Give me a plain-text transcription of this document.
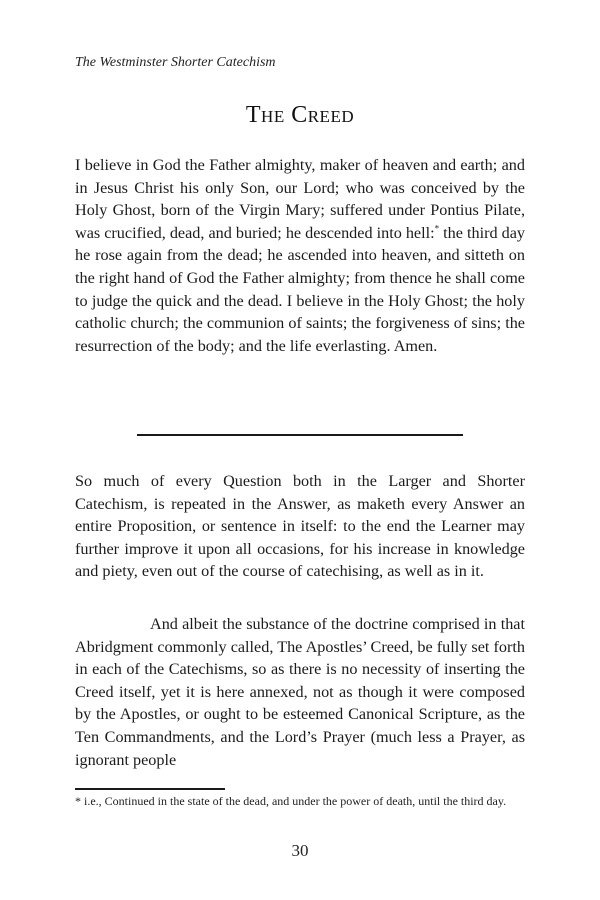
The Westminster Shorter Catechism
The Creed
I believe in God the Father almighty, maker of heaven and earth; and in Jesus Christ his only Son, our Lord; who was conceived by the Holy Ghost, born of the Virgin Mary; suffered under Pontius Pilate, was crucified, dead, and buried; he descended into hell:* the third day he rose again from the dead; he ascended into heaven, and sitteth on the right hand of God the Father almighty; from thence he shall come to judge the quick and the dead. I believe in the Holy Ghost; the holy catholic church; the communion of saints; the forgiveness of sins; the resurrection of the body; and the life everlasting. Amen.
So much of every Question both in the Larger and Shorter Catechism, is repeated in the Answer, as maketh every Answer an entire Proposition, or sentence in itself: to the end the Learner may further improve it upon all occasions, for his increase in knowledge and piety, even out of the course of catechising, as well as in it.
And albeit the substance of the doctrine comprised in that Abridgment commonly called, The Apostles’ Creed, be fully set forth in each of the Catechisms, so as there is no necessity of inserting the Creed itself, yet it is here annexed, not as though it were composed by the Apostles, or ought to be esteemed Canonical Scripture, as the Ten Commandments, and the Lord’s Prayer (much less a Prayer, as ignorant people
* i.e., Continued in the state of the dead, and under the power of death, until the third day.
30
